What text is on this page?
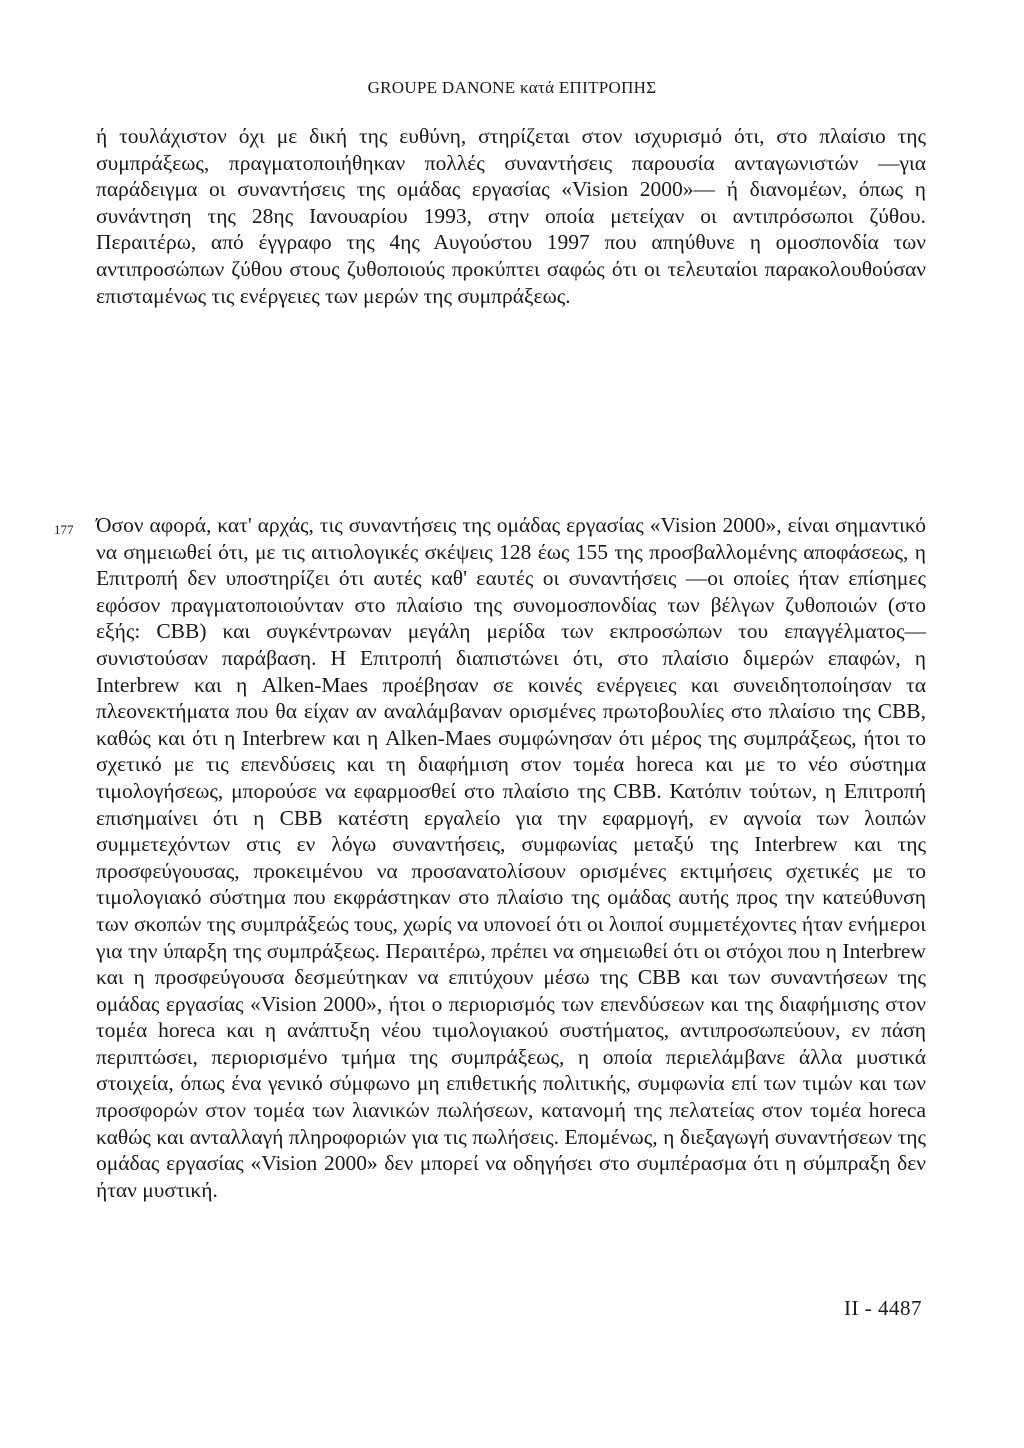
GROUPE DANONE κατά ΕΠΙΤΡΟΠΗΣ

ή τουλάχιστον όχι με δική της ευθύνη, στηρίζεται στον ισχυρισμό ότι, στο πλαίσιο της συμπράξεως, πραγματοποιήθηκαν πολλές συναντήσεις παρουσία ανταγωνιστών —για παράδειγμα οι συναντήσεις της ομάδας εργασίας «Vision 2000»— ή διανομέων, όπως η συνάντηση της 28ης Ιανουαρίου 1993, στην οποία μετείχαν οι αντιπρόσωποι ζύθου. Περαιτέρω, από έγγραφο της 4ης Αυγούστου 1997 που απηύθυνε η ομοσπονδία των αντιπροσώπων ζύθου στους ζυθοποιούς προκύπτει σαφώς ότι οι τελευταίοι παρακολουθούσαν επισταμένως τις ενέργειες των μερών της συμπράξεως.

177 Όσον αφορά, κατ' αρχάς, τις συναντήσεις της ομάδας εργασίας «Vision 2000», είναι σημαντικό να σημειωθεί ότι, με τις αιτιολογικές σκέψεις 128 έως 155 της προσβαλλομένης αποφάσεως, η Επιτροπή δεν υποστηρίζει ότι αυτές καθ' εαυτές οι συναντήσεις —οι οποίες ήταν επίσημες εφόσον πραγματοποιούνταν στο πλαίσιο της συνομοσπονδίας των βέλγων ζυθοποιών (στο εξής: CBB) και συγκέντρωναν μεγάλη μερίδα των εκπροσώπων του επαγγέλματος— συνιστούσαν παράβαση. Η Επιτροπή διαπιστώνει ότι, στο πλαίσιο διμερών επαφών, η Interbrew και η Alken-Maes προέβησαν σε κοινές ενέργειες και συνειδητοποίησαν τα πλεονεκτήματα που θα είχαν αν αναλάμβαναν ορισμένες πρωτοβουλίες στο πλαίσιο της CBB, καθώς και ότι η Interbrew και η Alken-Maes συμφώνησαν ότι μέρος της συμπράξεως, ήτοι το σχετικό με τις επενδύσεις και τη διαφήμιση στον τομέα horeca και με το νέο σύστημα τιμολογήσεως, μπορούσε να εφαρμοσθεί στο πλαίσιο της CBB. Κατόπιν τούτων, η Επιτροπή επισημαίνει ότι η CBB κατέστη εργαλείο για την εφαρμογή, εν αγνοία των λοιπών συμμετεχόντων στις εν λόγω συναντήσεις, συμφωνίας μεταξύ της Interbrew και της προσφεύγουσας, προκειμένου να προσανατολίσουν ορισμένες εκτιμήσεις σχετικές με το τιμολογιακό σύστημα που εκφράστηκαν στο πλαίσιο της ομάδας αυτής προς την κατεύθυνση των σκοπών της συμπράξεώς τους, χωρίς να υπονοεί ότι οι λοιποί συμμετέχοντες ήταν ενήμεροι για την ύπαρξη της συμπράξεως. Περαιτέρω, πρέπει να σημειωθεί ότι οι στόχοι που η Interbrew και η προσφεύγουσα δεσμεύτηκαν να επιτύχουν μέσω της CBB και των συναντήσεων της ομάδας εργασίας «Vision 2000», ήτοι ο περιορισμός των επενδύσεων και της διαφήμισης στον τομέα horeca και η ανάπτυξη νέου τιμολογιακού συστήματος, αντιπροσωπεύουν, εν πάση περιπτώσει, περιορισμένο τμήμα της συμπράξεως, η οποία περιελάμβανε άλλα μυστικά στοιχεία, όπως ένα γενικό σύμφωνο μη επιθετικής πολιτικής, συμφωνία επί των τιμών και των προσφορών στον τομέα των λιανικών πωλήσεων, κατανομή της πελατείας στον τομέα horeca καθώς και ανταλλαγή πληροφοριών για τις πωλήσεις. Επομένως, η διεξαγωγή συναντήσεων της ομάδας εργασίας «Vision 2000» δεν μπορεί να οδηγήσει στο συμπέρασμα ότι η σύμπραξη δεν ήταν μυστική.

II - 4487
